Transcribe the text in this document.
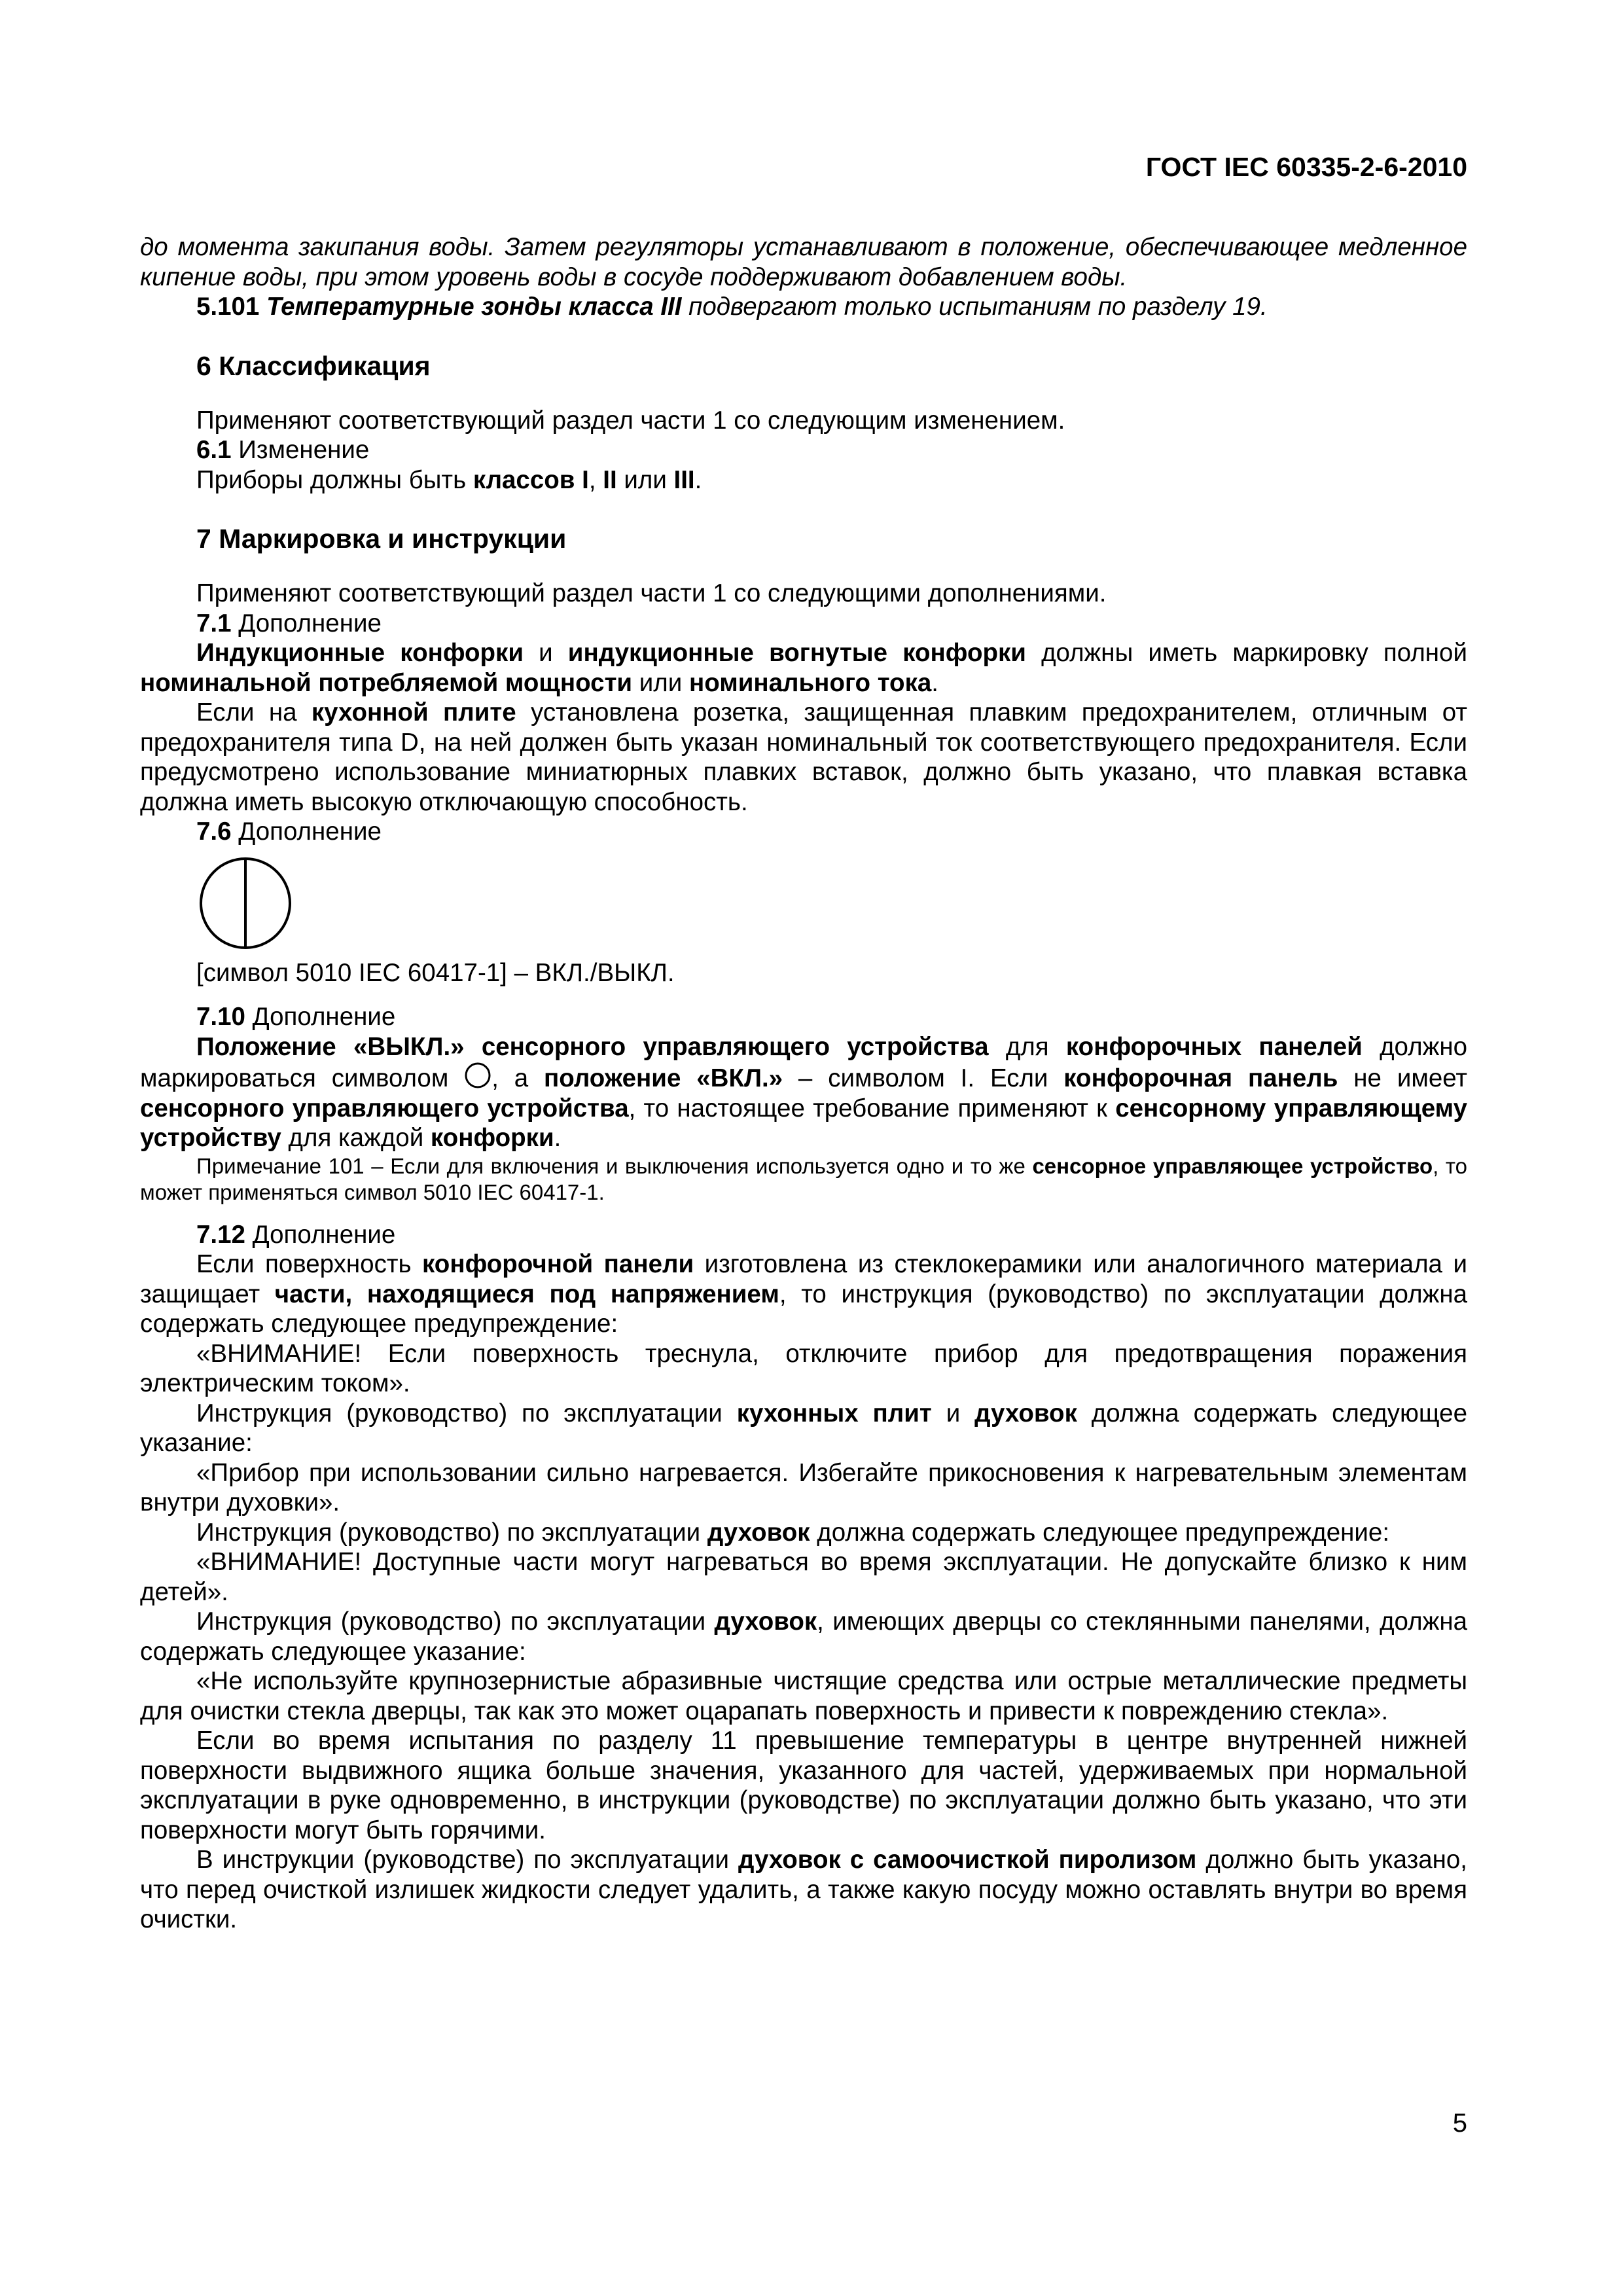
ГОСТ IEC 60335-2-6-2010

до момента закипания воды. Затем регуляторы устанавливают в положение, обеспечивающее медленное кипение воды, при этом уровень воды в сосуде поддерживают добавлением воды.

5.101 Температурные зонды класса III подвергают только испытаниям по разделу 19.

6 Классификация

Применяют соответствующий раздел части 1 со следующим изменением.

6.1 Изменение

Приборы должны быть классов I, II или III.

7 Маркировка и инструкции

Применяют соответствующий раздел части 1 со следующими дополнениями.

7.1 Дополнение

Индукционные конфорки и индукционные вогнутые конфорки должны иметь маркировку полной номинальной потребляемой мощности или номинального тока.

Если на кухонной плите установлена розетка, защищенная плавким предохранителем, отличным от предохранителя типа D, на ней должен быть указан номинальный ток соответствующего предохранителя. Если предусмотрено использование миниатюрных плавких вставок, должно быть указано, что плавкая вставка должна иметь высокую отключающую способность.

7.6 Дополнение

[символ 5010 IEC 60417-1] – ВКЛ./ВЫКЛ.

7.10 Дополнение

Положение «ВЫКЛ.» сенсорного управляющего устройства для конфорочных панелей должно маркироваться символом , а положение «ВКЛ.» – символом I. Если конфорочная панель не имеет сенсорного управляющего устройства, то настоящее требование применяют к сенсорному управляющему устройству для каждой конфорки.

Примечание 101 – Если для включения и выключения используется одно и то же сенсорное управляющее устройство, то может применяться символ 5010 IEC 60417-1.

7.12 Дополнение

Если поверхность конфорочной панели изготовлена из стеклокерамики или аналогичного материала и защищает части, находящиеся под напряжением, то инструкция (руководство) по эксплуатации должна содержать следующее предупреждение:

«ВНИМАНИЕ! Если поверхность треснула, отключите прибор для предотвращения поражения электрическим током».

Инструкция (руководство) по эксплуатации кухонных плит и духовок должна содержать следующее указание:

«Прибор при использовании сильно нагревается. Избегайте прикосновения к нагревательным элементам внутри духовки».

Инструкция (руководство) по эксплуатации духовок должна содержать следующее предупреждение:

«ВНИМАНИЕ! Доступные части могут нагреваться во время эксплуатации. Не допускайте близко к ним детей».

Инструкция (руководство) по эксплуатации духовок, имеющих дверцы со стеклянными панелями, должна содержать следующее указание:

«Не используйте крупнозернистые абразивные чистящие средства или острые металлические предметы для очистки стекла дверцы, так как это может оцарапать поверхность и привести к повреждению стекла».

Если во время испытания по разделу 11 превышение температуры в центре внутренней нижней поверхности выдвижного ящика больше значения, указанного для частей, удерживаемых при нормальной эксплуатации в руке одновременно, в инструкции (руководстве) по эксплуатации должно быть указано, что эти поверхности могут быть горячими.

В инструкции (руководстве) по эксплуатации духовок с самоочисткой пиролизом должно быть указано, что перед очисткой излишек жидкости следует удалить, а также какую посуду можно оставлять внутри во время очистки.

5
